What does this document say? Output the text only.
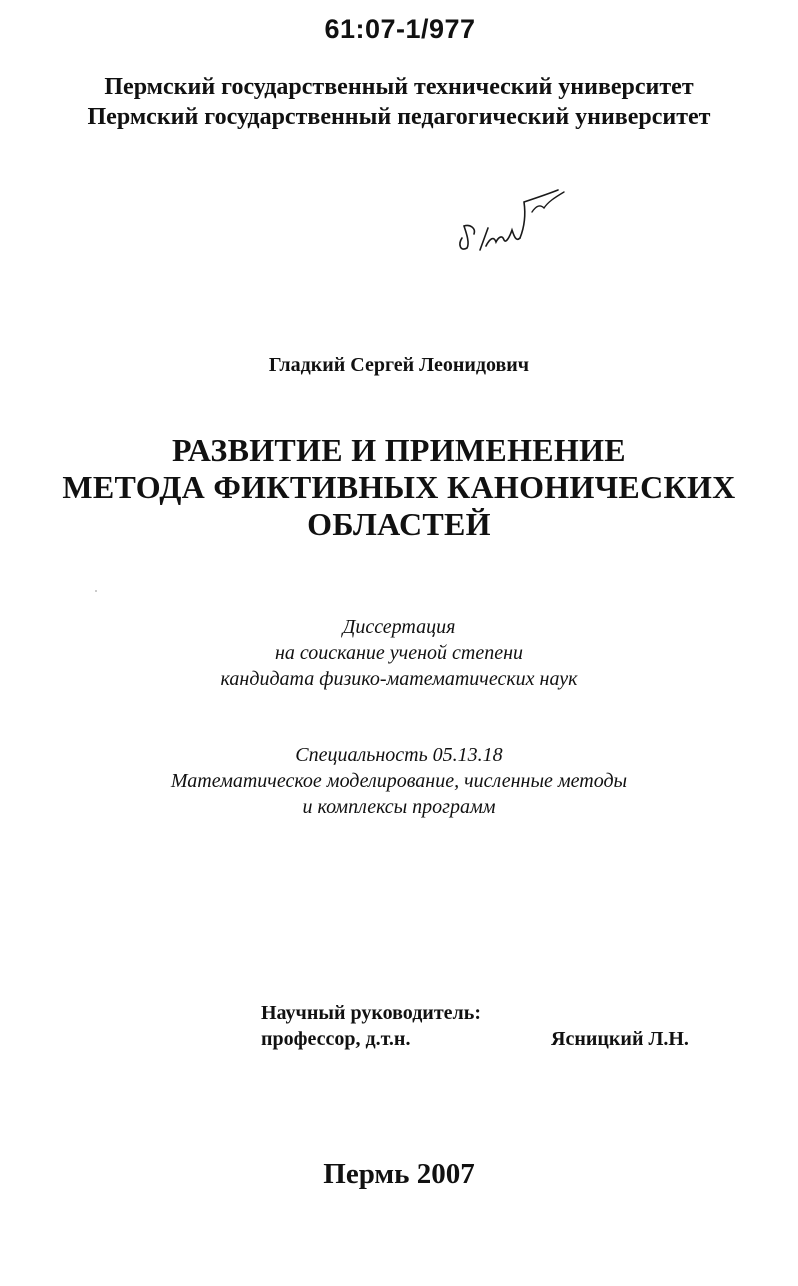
61:07-1/977
Пермский государственный технический университет
Пермский государственный педагогический университет
Гладкий Сергей Леонидович
РАЗВИТИЕ И ПРИМЕНЕНИЕ
МЕТОДА ФИКТИВНЫХ КАНОНИЧЕСКИХ
ОБЛАСТЕЙ
Диссертация
на соискание ученой степени
кандидата физико-математических наук
Специальность 05.13.18
Математическое моделирование, численные методы
и комплексы программ
Научный руководитель:
профессор, д.т.н.	Ясницкий Л.Н.
Пермь 2007
